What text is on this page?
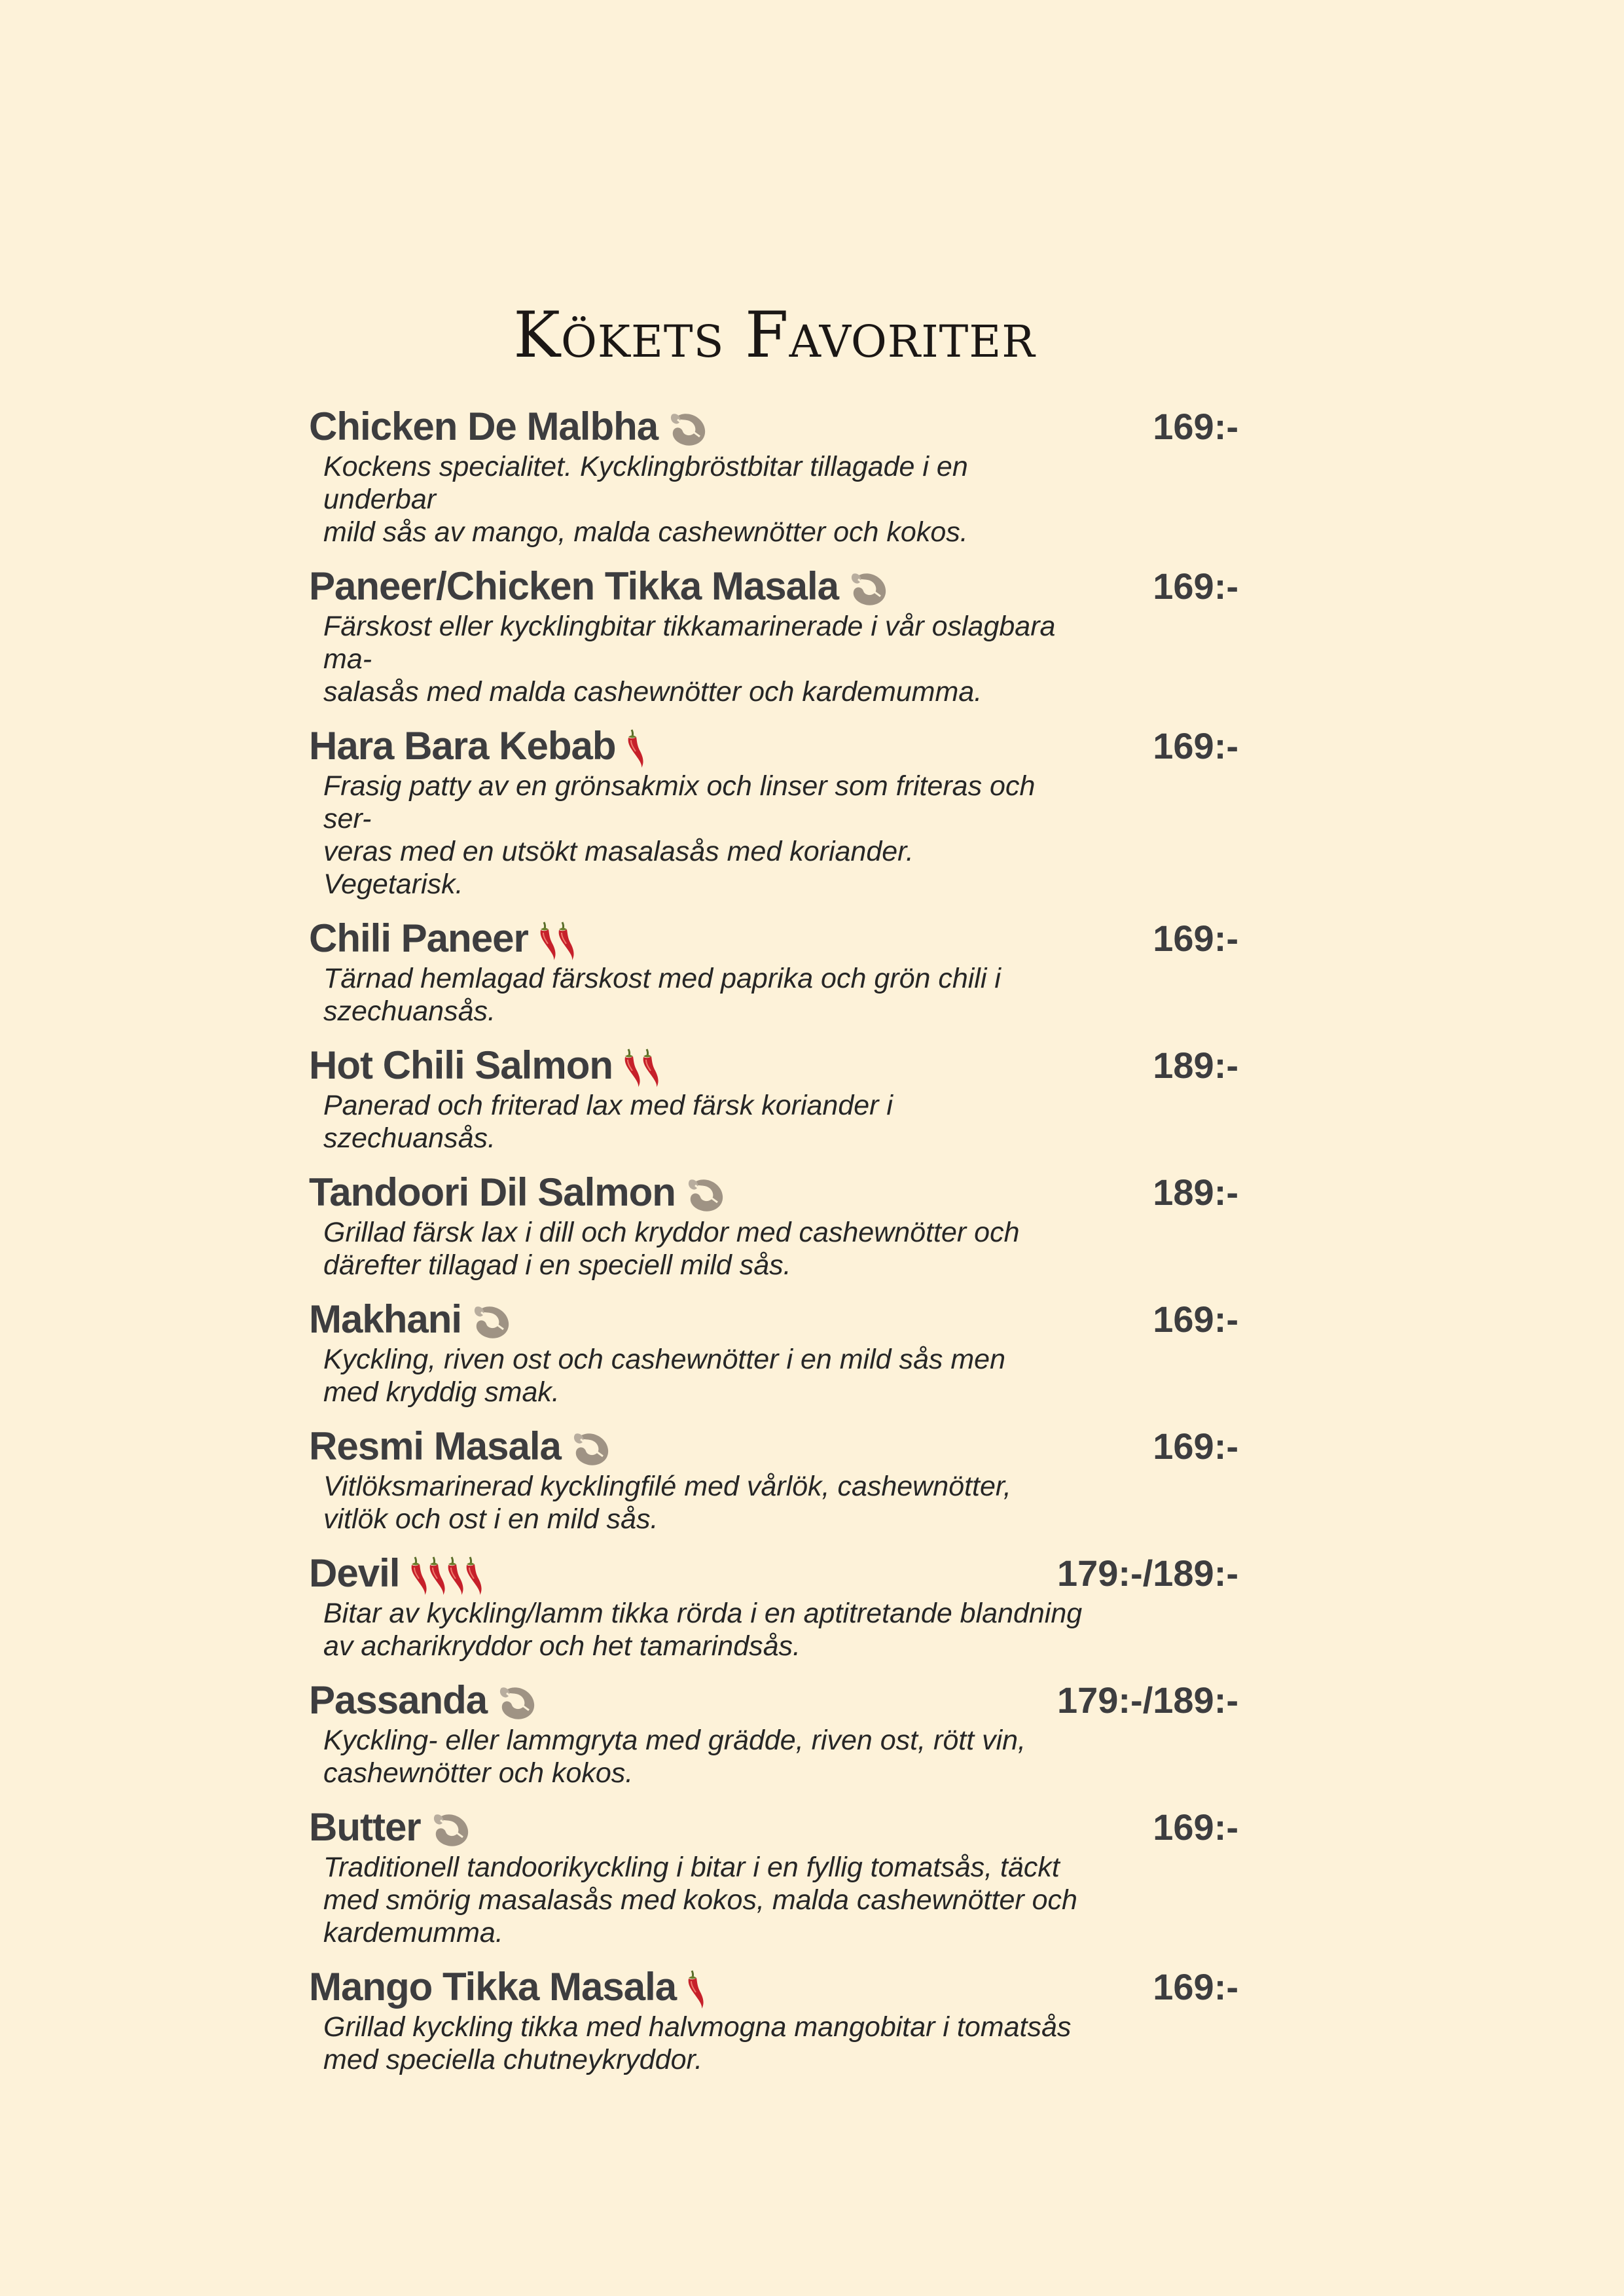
Kökets Favoriter
Chicken De Malbha	169:-
Kockens specialitet. Kycklingbröstbitar tillagade i en underbar
mild sås av mango, malda cashewnötter och kokos.
Paneer/Chicken Tikka Masala	169:-
Färskost eller kycklingbitar tikkamarinerade i vår oslagbara ma-
salasås med malda cashewnötter och kardemumma.
Hara Bara Kebab	169:-
Frasig patty av en grönsakmix och linser som friteras och ser-
veras med en utsökt masalasås med koriander.
Vegetarisk.
Chili Paneer	169:-
Tärnad hemlagad färskost med paprika och grön chili i
szechuansås.
Hot Chili Salmon	189:-
Panerad och friterad lax med färsk koriander i
szechuansås.
Tandoori Dil Salmon	189:-
Grillad färsk lax i dill och kryddor med cashewnötter och
därefter tillagad i en speciell mild sås.
Makhani	169:-
Kyckling, riven ost och cashewnötter i en mild sås men
med kryddig smak.
Resmi Masala	169:-
Vitlöksmarinerad kycklingfilé med vårlök, cashewnötter,
vitlök och ost i en mild sås.
Devil	179:-/189:-
Bitar av kyckling/lamm tikka rörda i en aptitretande blandning
av acharikryddor och het tamarindsås.
Passanda	179:-/189:-
Kyckling- eller lammgryta med grädde, riven ost, rött vin,
cashewnötter och kokos.
Butter	169:-
Traditionell tandoorikyckling i bitar i en fyllig tomatsås, täckt
med smörig masalasås med kokos, malda cashewnötter och
kardemumma.
Mango Tikka Masala	169:-
Grillad kyckling tikka med halvmogna mangobitar i tomatsås
med speciella chutneykryddor.
